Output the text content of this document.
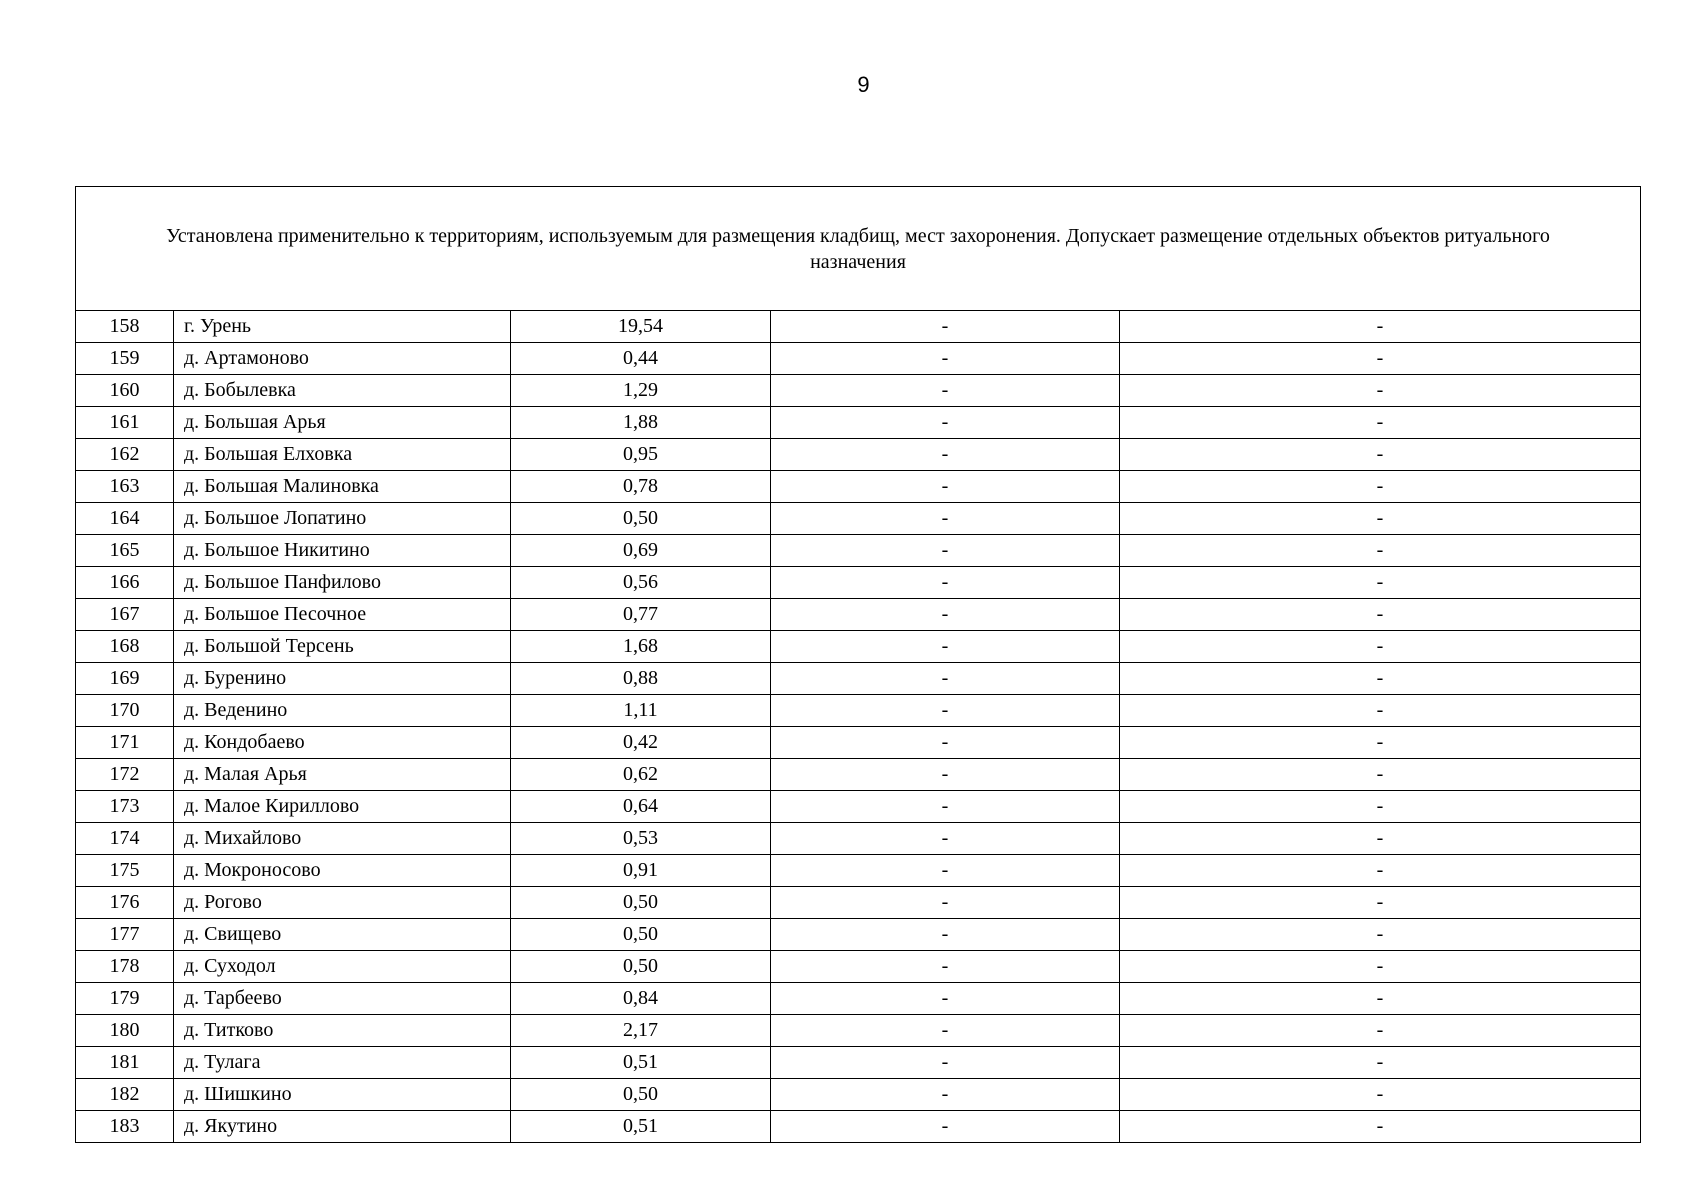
9
Установлена применительно к территориям, используемым для размещения кладбищ, мест захоронения. Допускает размещение отдельных объектов ритуального назначения				
158	г. Урень	19,54	-	-
159	д. Артамоново	0,44	-	-
160	д. Бобылевка	1,29	-	-
161	д. Большая Арья	1,88	-	-
162	д. Большая Елховка	0,95	-	-
163	д. Большая Малиновка	0,78	-	-
164	д. Большое Лопатино	0,50	-	-
165	д. Большое Никитино	0,69	-	-
166	д. Большое Панфилово	0,56	-	-
167	д. Большое Песочное	0,77	-	-
168	д. Большой Терсень	1,68	-	-
169	д. Буренино	0,88	-	-
170	д. Веденино	1,11	-	-
171	д. Кондобаево	0,42	-	-
172	д. Малая Арья	0,62	-	-
173	д. Малое Кириллово	0,64	-	-
174	д. Михайлово	0,53	-	-
175	д. Мокроносово	0,91	-	-
176	д. Рогово	0,50	-	-
177	д. Свищево	0,50	-	-
178	д. Суходол	0,50	-	-
179	д. Тарбеево	0,84	-	-
180	д. Титково	2,17	-	-
181	д. Тулага	0,51	-	-
182	д. Шишкино	0,50	-	-
183	д. Якутино	0,51	-	-
